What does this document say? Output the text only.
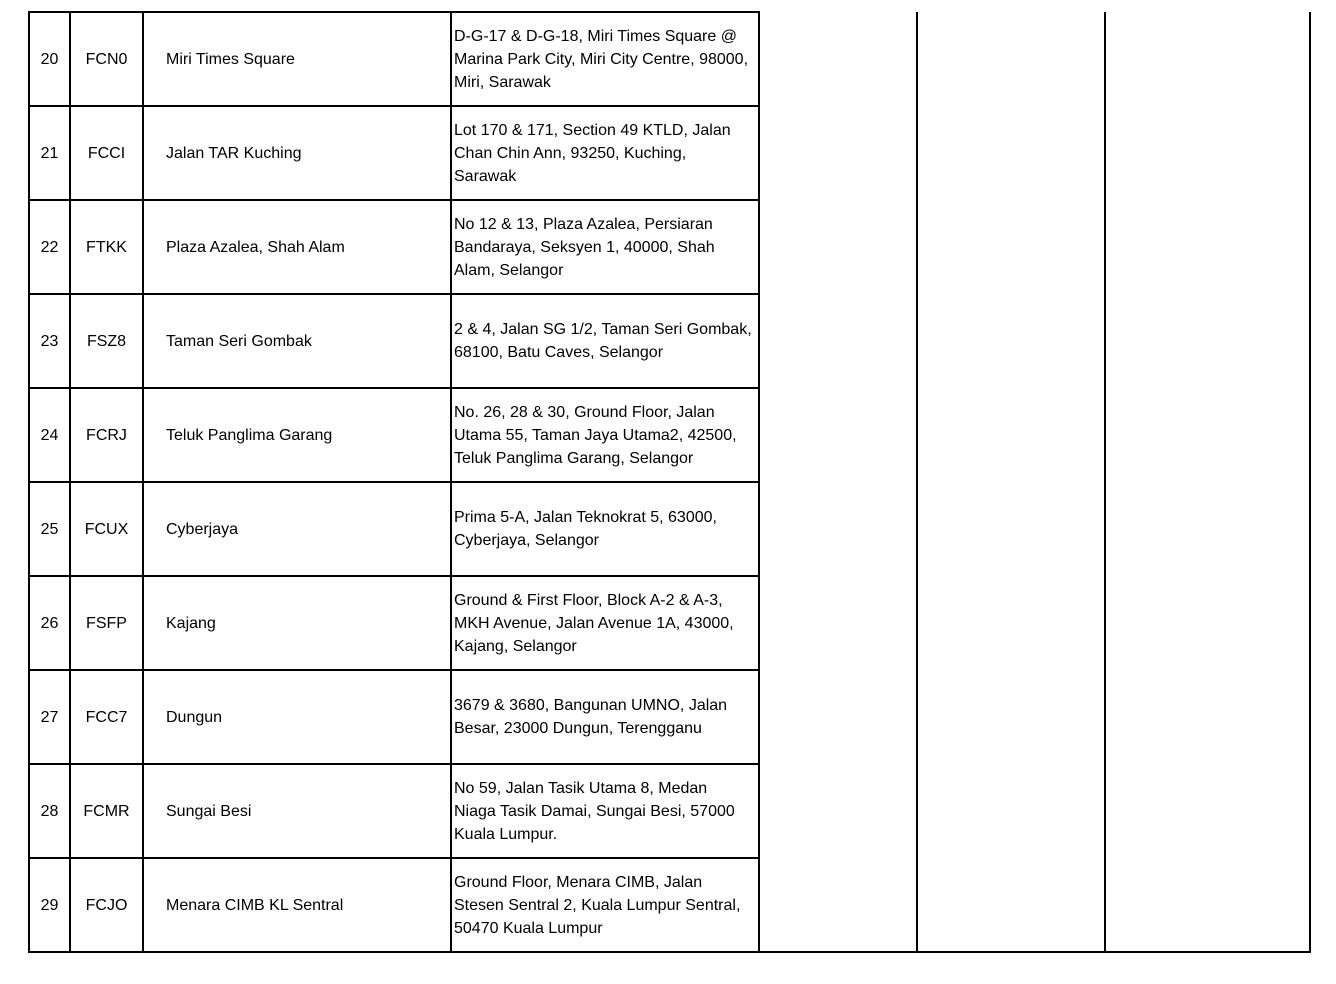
20	FCN0	Miri Times Square	D-G-17 & D-G-18, Miri Times Square @ Marina Park City, Miri City Centre, 98000, Miri, Sarawak			
21	FCCI	Jalan TAR Kuching	Lot 170 & 171, Section 49 KTLD, Jalan Chan Chin Ann, 93250, Kuching, Sarawak			
22	FTKK	Plaza Azalea, Shah Alam	No 12 & 13, Plaza Azalea, Persiaran Bandaraya, Seksyen 1, 40000, Shah Alam, Selangor			
23	FSZ8	Taman Seri Gombak	2 & 4, Jalan SG 1/2, Taman Seri Gombak, 68100, Batu Caves, Selangor			
24	FCRJ	Teluk Panglima Garang	No. 26, 28 & 30, Ground Floor, Jalan Utama 55, Taman Jaya Utama2, 42500, Teluk Panglima Garang, Selangor			
25	FCUX	Cyberjaya	Prima 5-A, Jalan Teknokrat 5, 63000, Cyberjaya, Selangor			
26	FSFP	Kajang	Ground & First Floor, Block A-2 & A-3, MKH Avenue, Jalan Avenue 1A, 43000, Kajang, Selangor			
27	FCC7	Dungun	3679 & 3680, Bangunan UMNO, Jalan Besar, 23000 Dungun, Terengganu			
28	FCMR	Sungai Besi	No 59, Jalan Tasik Utama 8, Medan Niaga Tasik Damai, Sungai Besi, 57000 Kuala Lumpur.			
29	FCJO	Menara CIMB KL Sentral	Ground Floor, Menara CIMB, Jalan Stesen Sentral 2, Kuala Lumpur Sentral, 50470 Kuala Lumpur			
